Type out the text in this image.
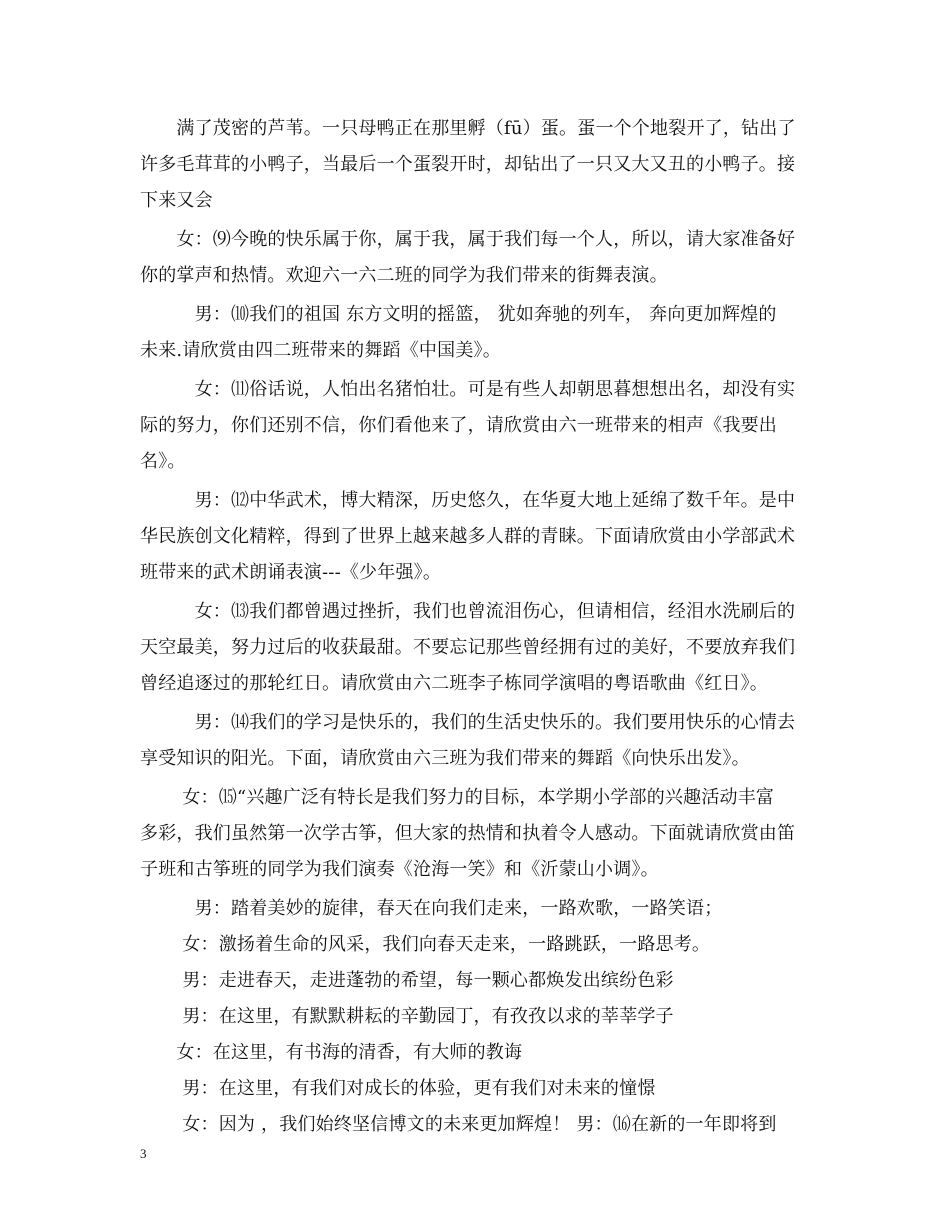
　　满了茂密的芦苇。一只母鸭正在那里孵（fū）蛋。蛋一个个地裂开了，钻出了
许多毛茸茸的小鸭子，当最后一个蛋裂开时，却钻出了一只又大又丑的小鸭子。接
下来又会
　　女：⑼今晚的快乐属于你，属于我，属于我们每一个人，所以，请大家准备好
你的掌声和热情。欢迎六一六二班的同学为我们带来的街舞表演。
　　　男：⑽我们的祖国 东方文明的摇篮， 犹如奔驰的列车， 奔向更加辉煌的
未来.请欣赏由四二班带来的舞蹈《中国美》。
　　　女：⑾俗话说，人怕出名猪怕壮。可是有些人却朝思暮想想出名，却没有实
际的努力，你们还别不信，你们看他来了，请欣赏由六一班带来的相声《我要出
名》。
　　　男：⑿中华武术，博大精深，历史悠久，在华夏大地上延绵了数千年。是中
华民族创文化精粹，得到了世界上越来越多人群的青睐。下面请欣赏由小学部武术
班带来的武术朗诵表演---《少年强》。
　　　女：⒀我们都曾遇过挫折，我们也曾流泪伤心，但请相信，经泪水洗刷后的
天空最美，努力过后的收获最甜。不要忘记那些曾经拥有过的美好，不要放弃我们
曾经追逐过的那轮红日。请欣赏由六二班李子栋同学演唱的粤语歌曲《红日》。
　　　男：⒁我们的学习是快乐的，我们的生活史快乐的。我们要用快乐的心情去
享受知识的阳光。下面，请欣赏由六三班为我们带来的舞蹈《向快乐出发》。
　　 女：⒂“兴趣广泛有特长是我们努力的目标，本学期小学部的兴趣活动丰富
多彩，我们虽然第一次学古筝，但大家的热情和执着令人感动。下面就请欣赏由笛
子班和古筝班的同学为我们演奏《沧海一笑》和《沂蒙山小调》。
　　　男：踏着美妙的旋律，春天在向我们走来，一路欢歌，一路笑语；
　　 女：激扬着生命的风采，我们向春天走来，一路跳跃，一路思考。
　　 男：走进春天，走进蓬勃的希望，每一颗心都焕发出缤纷色彩
　　 男：在这里，有默默耕耘的辛勤园丁，有孜孜以求的莘莘学子
　　女：在这里，有书海的清香，有大师的教诲
　　 男：在这里，有我们对成长的体验，更有我们对未来的憧憬
　　 女：因为 ，我们始终坚信博文的未来更加辉煌！ 男：⒃在新的一年即将到
3
